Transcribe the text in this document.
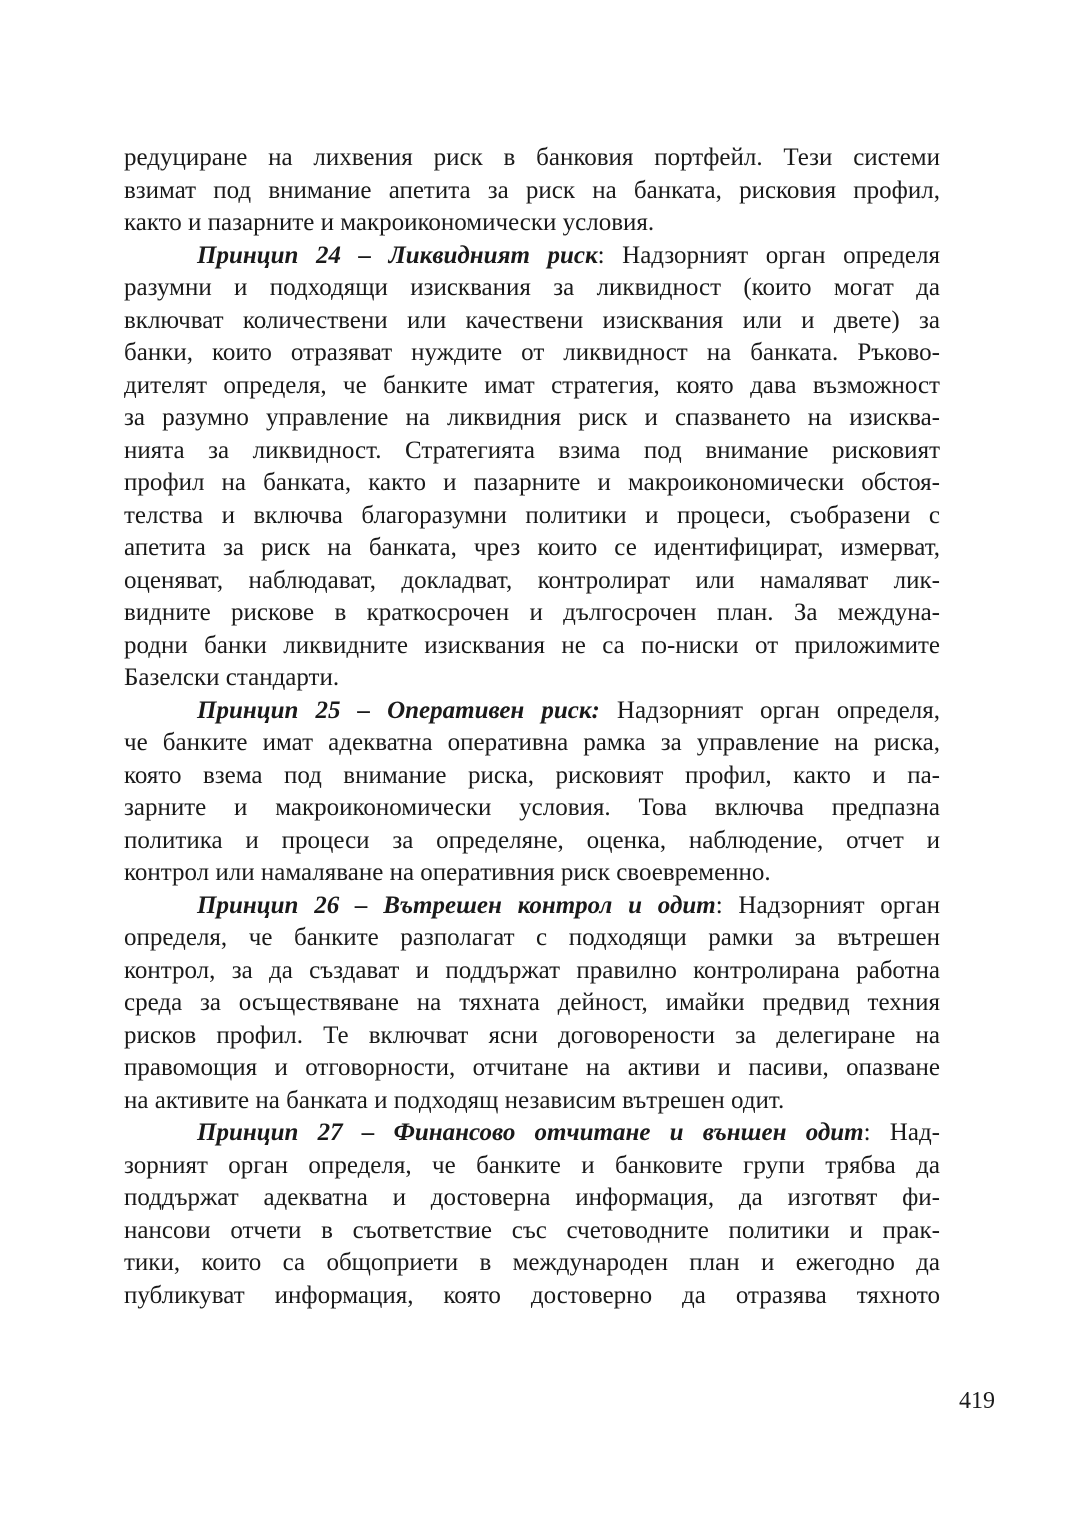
редуциране на лихвения риск в банковия портфейл. Тези системи
взимат под внимание апетита за риск на банката, рисковия профил,
както и пазарните и макроикономически условия.
Принцип 24 – Ликвидният риск: Надзорният орган определя
разумни и подходящи изисквания за ликвидност (които могат да
включват количествени или качествени изисквания или и двете) за
банки, които отразяват нуждите от ликвидност на банката. Ръково-
дителят определя, че банките имат стратегия, която дава възможност
за разумно управление на ликвидния риск и спазването на изисква-
нията за ликвидност. Стратегията взима под внимание рисковият
профил на банката, както и пазарните и макроикономически обстоя-
телства и включва благоразумни политики и процеси, съобразени с
апетита за риск на банката, чрез които се идентифицират, измерват,
оценяват, наблюдават, докладват, контролират или намаляват лик-
видните рискове в краткосрочен и дългосрочен план. За междуна-
родни банки ликвидните изисквания не са по-ниски от приложимите
Базелски стандарти.
Принцип 25 – Оперативен риск: Надзорният орган определя,
че банките имат адекватна оперативна рамка за управление на риска,
която взема под внимание риска, рисковият профил, както и па-
зарните и макроикономически условия. Това включва предпазна
политика и процеси за определяне, оценка, наблюдение, отчет и
контрол или намаляване на оперативния риск своевременно.
Принцип 26 – Вътрешен контрол и одит: Надзорният орган
определя, че банките разполагат с подходящи рамки за вътрешен
контрол, за да създават и поддържат правилно контролирана работна
среда за осъществяване на тяхната дейност, имайки предвид техния
рисков профил. Те включват ясни договорености за делегиране на
правомощия и отговорности, отчитане на активи и пасиви, опазване
на активите на банката и подходящ независим вътрешен одит.
Принцип 27 – Финансово отчитане и външен одит: Над-
зорният орган определя, че банките и банковите групи трябва да
поддържат адекватна и достоверна информация, да изготвят фи-
нансови отчети в съответствие със счетоводните политики и прак-
тики, които са общоприети в международен план и ежегодно да
публикуват информация, която достоверно да отразява тяхното
419
